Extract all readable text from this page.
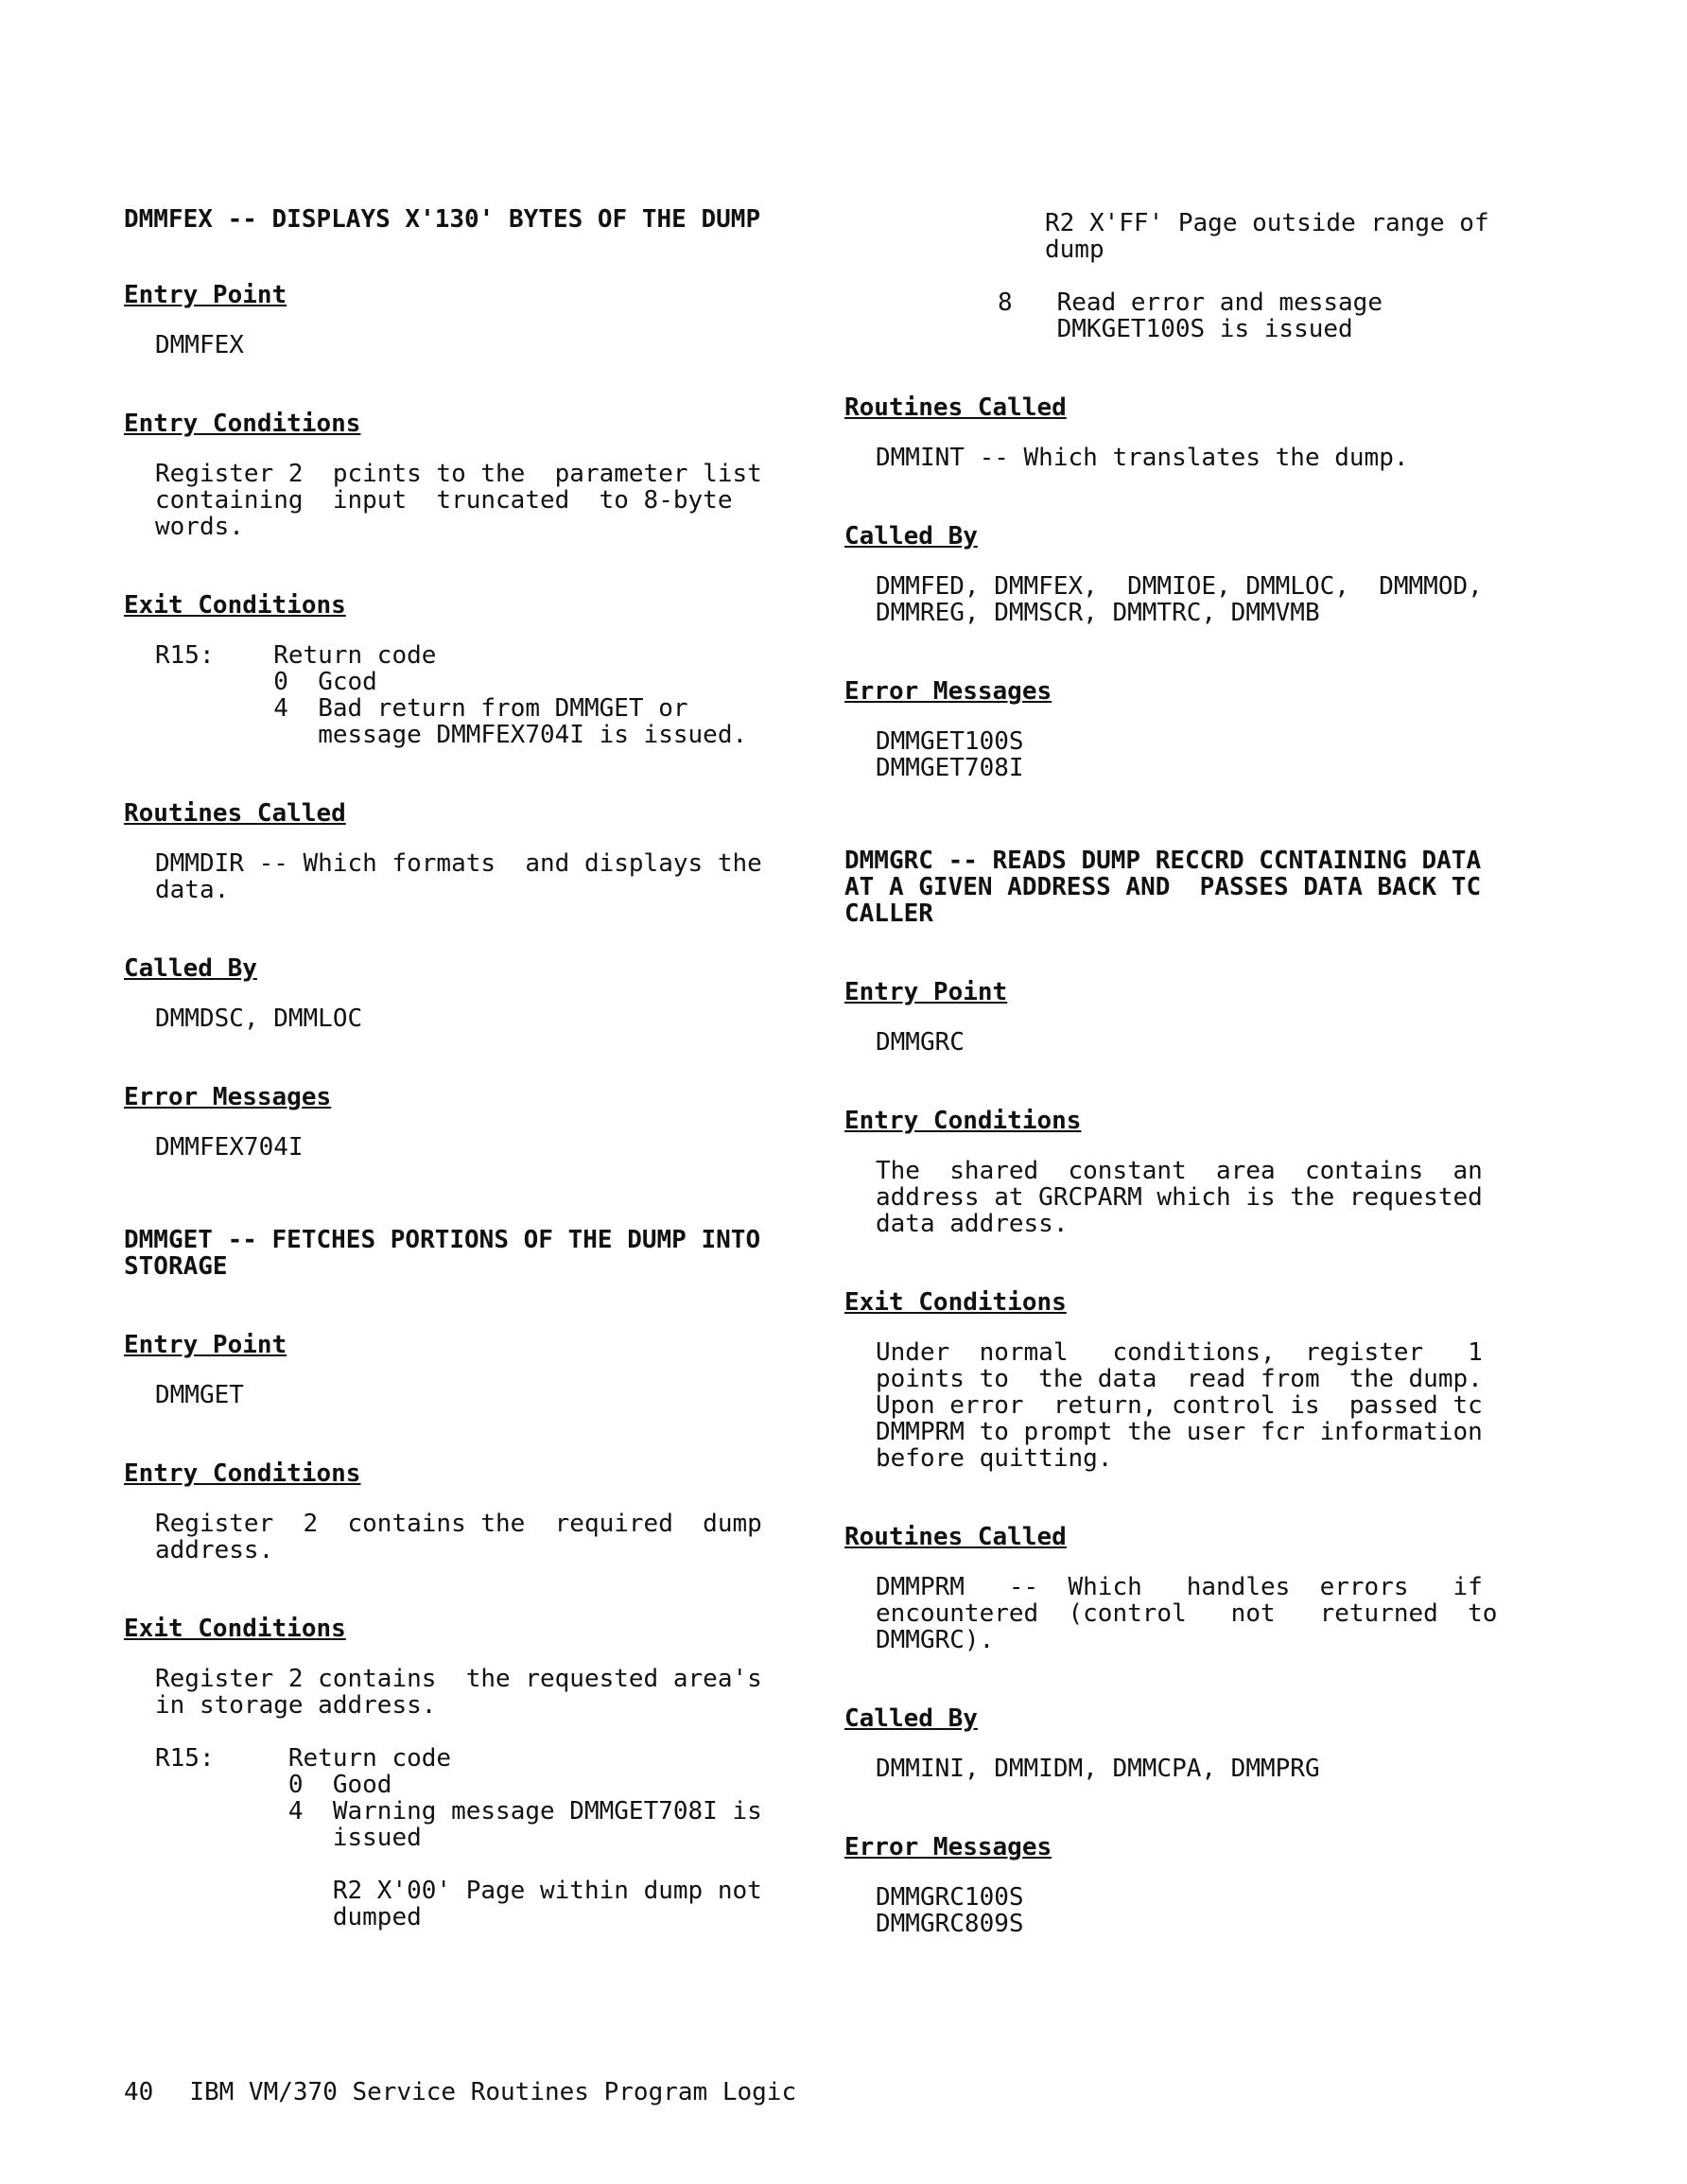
DMMFEX -- DISPLAYS X'130' BYTES OF THE DUMP
Entry Point
DMMFEX
Entry Conditions
Register 2  pcints to the  parameter list
containing  input  truncated  to 8-byte
words.
Exit Conditions
R15:    Return code
0  Gcod
4  Bad return from DMMGET or
message DMMFEX704I is issued.
Routines Called
DMMDIR -- Which formats  and displays the
data.
Called By
DMMDSC, DMMLOC
Error Messages
DMMFEX704I
DMMGET -- FETCHES PORTIONS OF THE DUMP INTO
STORAGE
Entry Point
DMMGET
Entry Conditions
Register  2  contains the  required  dump
address.
Exit Conditions
Register 2 contains  the requested area's
in storage address.
R15:     Return code
0  Good
4  Warning message DMMGET708I is
issued

R2 X'00' Page within dump not
dumped
R2 X'FF' Page outside range of
dump
8   Read error and message
DMKGET100S is issued
Routines Called
DMMINT -- Which translates the dump.
Called By
DMMFED, DMMFEX,  DMMIOE, DMMLOC,  DMMMOD,
DMMREG, DMMSCR, DMMTRC, DMMVMB
Error Messages
DMMGET100S
DMMGET708I
DMMGRC -- READS DUMP RECCRD CCNTAINING DATA
AT A GIVEN ADDRESS AND  PASSES DATA BACK TC
CALLER
Entry Point
DMMGRC
Entry Conditions
The  shared  constant  area  contains  an
address at GRCPARM which is the requested
data address.
Exit Conditions
Under  normal   conditions,  register   1
points to  the data  read from  the dump.
Upon error  return, control is  passed tc
DMMPRM to prompt the user fcr information
before quitting.
Routines Called
DMMPRM   --  Which   handles  errors   if
encountered  (control   not   returned  to
DMMGRC).
Called By
DMMINI, DMMIDM, DMMCPA, DMMPRG
Error Messages
DMMGRC100S
DMMGRC809S
40 IBM VM/370 Service Routines Program Logic
